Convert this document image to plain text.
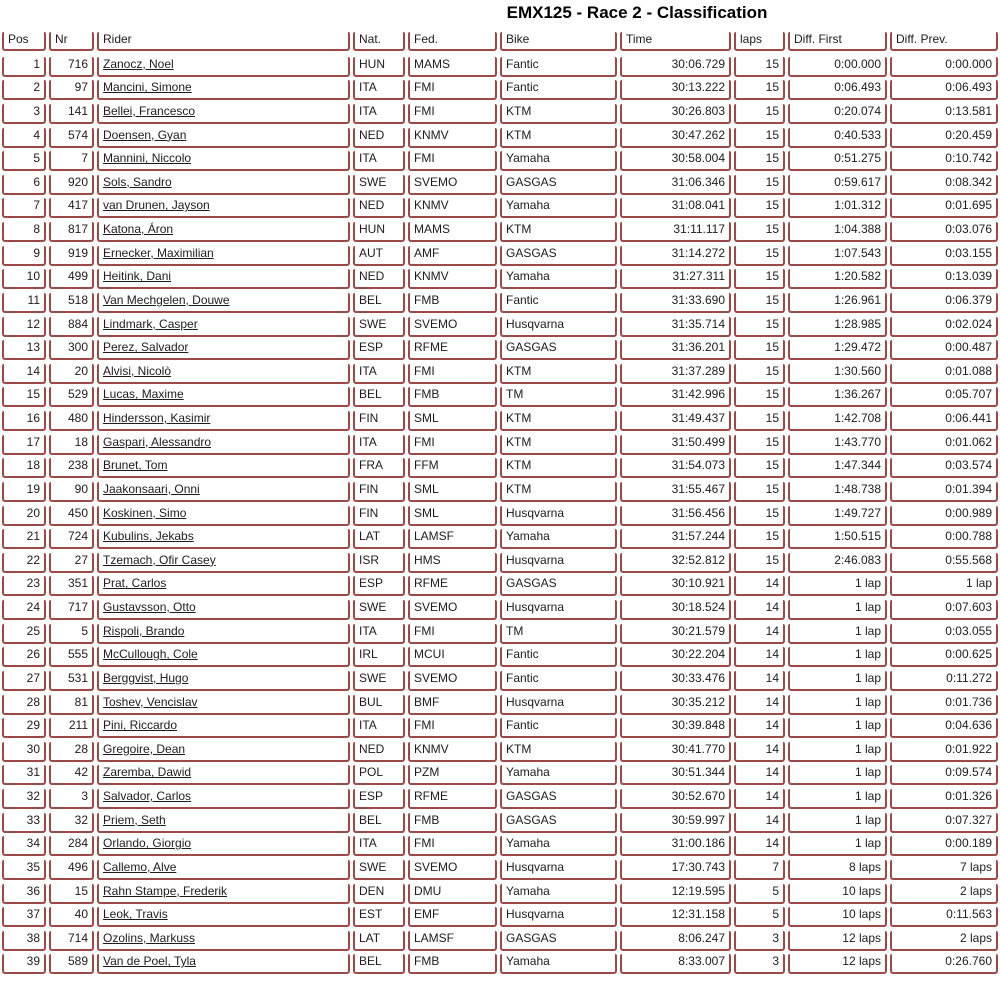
EMX125 - Race 2 - Classification
Pos	Nr	Rider	Nat.	Fed.	Bike	Time	laps	Diff. First	Diff. Prev.
1	716	Zanocz, Noel	HUN	MAMS	Fantic	30:06.729	15	0:00.000	0:00.000
2	97	Mancini, Simone	ITA	FMI	Fantic	30:13.222	15	0:06.493	0:06.493
3	141	Bellei, Francesco	ITA	FMI	KTM	30:26.803	15	0:20.074	0:13.581
4	574	Doensen, Gyan	NED	KNMV	KTM	30:47.262	15	0:40.533	0:20.459
5	7	Mannini, Niccolo	ITA	FMI	Yamaha	30:58.004	15	0:51.275	0:10.742
6	920	Sols, Sandro	SWE	SVEMO	GASGAS	31:06.346	15	0:59.617	0:08.342
7	417	van Drunen, Jayson	NED	KNMV	Yamaha	31:08.041	15	1:01.312	0:01.695
8	817	Katona, Áron	HUN	MAMS	KTM	31:11.117	15	1:04.388	0:03.076
9	919	Ernecker, Maximilian	AUT	AMF	GASGAS	31:14.272	15	1:07.543	0:03.155
10	499	Heitink, Dani	NED	KNMV	Yamaha	31:27.311	15	1:20.582	0:13.039
11	518	Van Mechgelen, Douwe	BEL	FMB	Fantic	31:33.690	15	1:26.961	0:06.379
12	884	Lindmark, Casper	SWE	SVEMO	Husqvarna	31:35.714	15	1:28.985	0:02.024
13	300	Perez, Salvador	ESP	RFME	GASGAS	31:36.201	15	1:29.472	0:00.487
14	20	Alvisi, Nicolò	ITA	FMI	KTM	31:37.289	15	1:30.560	0:01.088
15	529	Lucas, Maxime	BEL	FMB	TM	31:42.996	15	1:36.267	0:05.707
16	480	Hindersson, Kasimir	FIN	SML	KTM	31:49.437	15	1:42.708	0:06.441
17	18	Gaspari, Alessandro	ITA	FMI	KTM	31:50.499	15	1:43.770	0:01.062
18	238	Brunet, Tom	FRA	FFM	KTM	31:54.073	15	1:47.344	0:03.574
19	90	Jaakonsaari, Onni	FIN	SML	KTM	31:55.467	15	1:48.738	0:01.394
20	450	Koskinen, Simo	FIN	SML	Husqvarna	31:56.456	15	1:49.727	0:00.989
21	724	Kubulins, Jekabs	LAT	LAMSF	Yamaha	31:57.244	15	1:50.515	0:00.788
22	27	Tzemach, Ofir Casey	ISR	HMS	Husqvarna	32:52.812	15	2:46.083	0:55.568
23	351	Prat, Carlos	ESP	RFME	GASGAS	30:10.921	14	1 lap	1 lap
24	717	Gustavsson, Otto	SWE	SVEMO	Husqvarna	30:18.524	14	1 lap	0:07.603
25	5	Rispoli, Brando	ITA	FMI	TM	30:21.579	14	1 lap	0:03.055
26	555	McCullough, Cole	IRL	MCUI	Fantic	30:22.204	14	1 lap	0:00.625
27	531	Berggvist, Hugo	SWE	SVEMO	Fantic	30:33.476	14	1 lap	0:11.272
28	81	Toshev, Vencislav	BUL	BMF	Husqvarna	30:35.212	14	1 lap	0:01.736
29	211	Pini, Riccardo	ITA	FMI	Fantic	30:39.848	14	1 lap	0:04.636
30	28	Gregoire, Dean	NED	KNMV	KTM	30:41.770	14	1 lap	0:01.922
31	42	Zaremba, Dawid	POL	PZM	Yamaha	30:51.344	14	1 lap	0:09.574
32	3	Salvador, Carlos	ESP	RFME	GASGAS	30:52.670	14	1 lap	0:01.326
33	32	Priem, Seth	BEL	FMB	GASGAS	30:59.997	14	1 lap	0:07.327
34	284	Orlando, Giorgio	ITA	FMI	Yamaha	31:00.186	14	1 lap	0:00.189
35	496	Callemo, Alve	SWE	SVEMO	Husqvarna	17:30.743	7	8 laps	7 laps
36	15	Rahn Stampe, Frederik	DEN	DMU	Yamaha	12:19.595	5	10 laps	2 laps
37	40	Leok, Travis	EST	EMF	Husqvarna	12:31.158	5	10 laps	0:11.563
38	714	Ozolins, Markuss	LAT	LAMSF	GASGAS	8:06.247	3	12 laps	2 laps
39	589	Van de Poel, Tyla	BEL	FMB	Yamaha	8:33.007	3	12 laps	0:26.760
